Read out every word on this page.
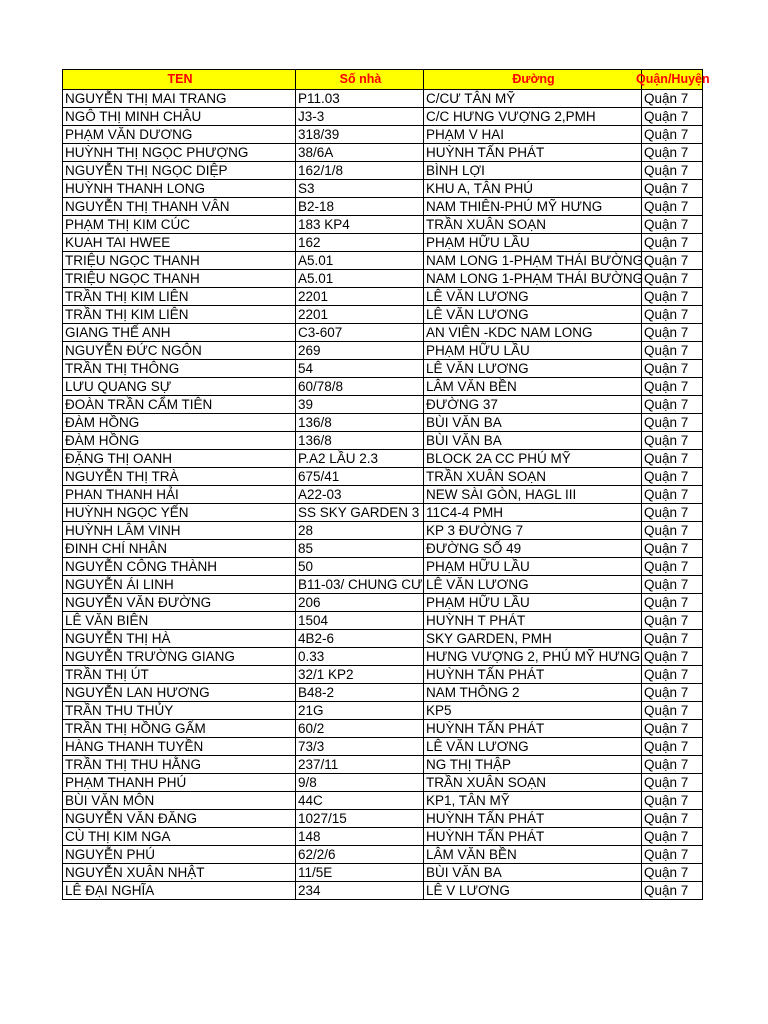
TEN	Số nhà	Đường	Quận/Huyện
NGUYỄN THỊ MAI TRANG	P11.03	C/CƯ TÂN MỸ	Quận 7
NGÔ THỊ MINH CHÂU	J3-3	C/C HƯNG VƯỢNG 2,PMH	Quận 7
PHẠM VĂN DƯƠNG	318/39	PHẠM V HAI	Quận 7
HUỲNH THỊ NGỌC PHƯỢNG	38/6A	HUỲNH TẤN PHÁT	Quận 7
NGUYỄN THỊ NGỌC DIỆP	162/1/8	BÌNH LỢI	Quận 7
HUỲNH THANH LONG	S3	KHU A, TÂN PHÚ	Quận 7
NGUYỄN THỊ THANH VÂN	B2-18	NAM THIÊN-PHÚ MỸ HƯNG	Quận 7
PHẠM THỊ KIM CÚC	183 KP4	TRẦN XUÂN SOẠN	Quận 7
KUAH TAI HWEE	162	PHẠM HỮU LẦU	Quận 7
TRIỆU NGỌC THANH	A5.01	NAM LONG 1-PHẠM THÁI BƯỜNG	Quận 7
TRIỆU NGỌC THANH	A5.01	NAM LONG 1-PHẠM THÁI BƯỜNG	Quận 7
TRẦN THỊ KIM LIÊN	2201	LÊ VĂN LƯƠNG	Quận 7
TRẦN THỊ KIM LIÊN	2201	LÊ VĂN LƯƠNG	Quận 7
GIANG THẾ ANH	C3-607	AN VIÊN -KDC NAM LONG	Quận 7
NGUYỄN ĐỨC NGÔN	269	PHẠM HỮU LẦU	Quận 7
TRẦN THỊ THÔNG	54	LÊ VĂN LƯƠNG	Quận 7
LƯU QUANG SỰ	60/78/8	LÂM VĂN BỀN	Quận 7
ĐOÀN TRẦN CẨM TIÊN	39	ĐƯỜNG 37	Quận 7
ĐÀM HỒNG	136/8	BÙI VĂN BA	Quận 7
ĐÀM HỒNG	136/8	BÙI VĂN BA	Quận 7
ĐẶNG THỊ OANH	P.A2 LẦU 2.3	BLOCK 2A CC PHÚ MỸ	Quận 7
NGUYỄN THỊ TRÀ	675/41	TRẦN XUÂN SOẠN	Quận 7
PHAN THANH HẢI	A22-03	NEW SÀI GÒN, HAGL III	Quận 7
HUỲNH NGỌC YẾN	SS SKY GARDEN 3	11C4-4 PMH	Quận 7
HUỲNH LÂM VINH	28	KP 3 ĐƯỜNG 7	Quận 7
ĐINH CHÍ NHÂN	85	ĐƯỜNG SỐ 49	Quận 7
NGUYỄN CÔNG THÀNH	50	PHẠM HỮU LẦU	Quận 7
NGUYỄN ÁI LINH	B11-03/ CHUNG CƯ	LÊ VĂN LƯƠNG	Quận 7
NGUYỄN VĂN ĐƯỜNG	206	PHẠM HỮU LẦU	Quận 7
LÊ VĂN BIÊN	1504	HUỲNH T PHÁT	Quận 7
NGUYỄN THỊ HÀ	4B2-6	SKY GARDEN, PMH	Quận 7
NGUYỄN TRƯỜNG GIANG	0.33	HƯNG VƯỢNG 2, PHÚ MỸ HƯNG	Quận 7
TRẦN THỊ ÚT	32/1 KP2	HUỲNH TẤN PHÁT	Quận 7
NGUYỄN LAN HƯƠNG	B48-2	NAM THÔNG 2	Quận 7
TRẦN THU THỦY	21G	KP5	Quận 7
TRẦN THỊ HỒNG GẤM	60/2	HUỲNH TẤN PHÁT	Quận 7
HÀNG THANH TUYỀN	73/3	LÊ VĂN LƯƠNG	Quận 7
TRẦN THỊ THU HẰNG	237/11	NG THỊ THẬP	Quận 7
PHẠM THANH PHÚ	9/8	TRẦN XUÂN SOẠN	Quận 7
BÙI VĂN MÔN	44C	KP1, TÂN MỸ	Quận 7
NGUYỄN VĂN ĐĂNG	1027/15	HUỲNH TẤN PHÁT	Quận 7
CÙ THỊ KIM NGA	148	HUỲNH TẤN PHÁT	Quận 7
NGUYỄN PHÚ	62/2/6	LÂM VĂN BỀN	Quận 7
NGUYỄN XUÂN NHẬT	11/5E	BÙI VĂN BA	Quận 7
LÊ ĐẠI NGHĨA	234	LÊ V LƯƠNG	Quận 7
